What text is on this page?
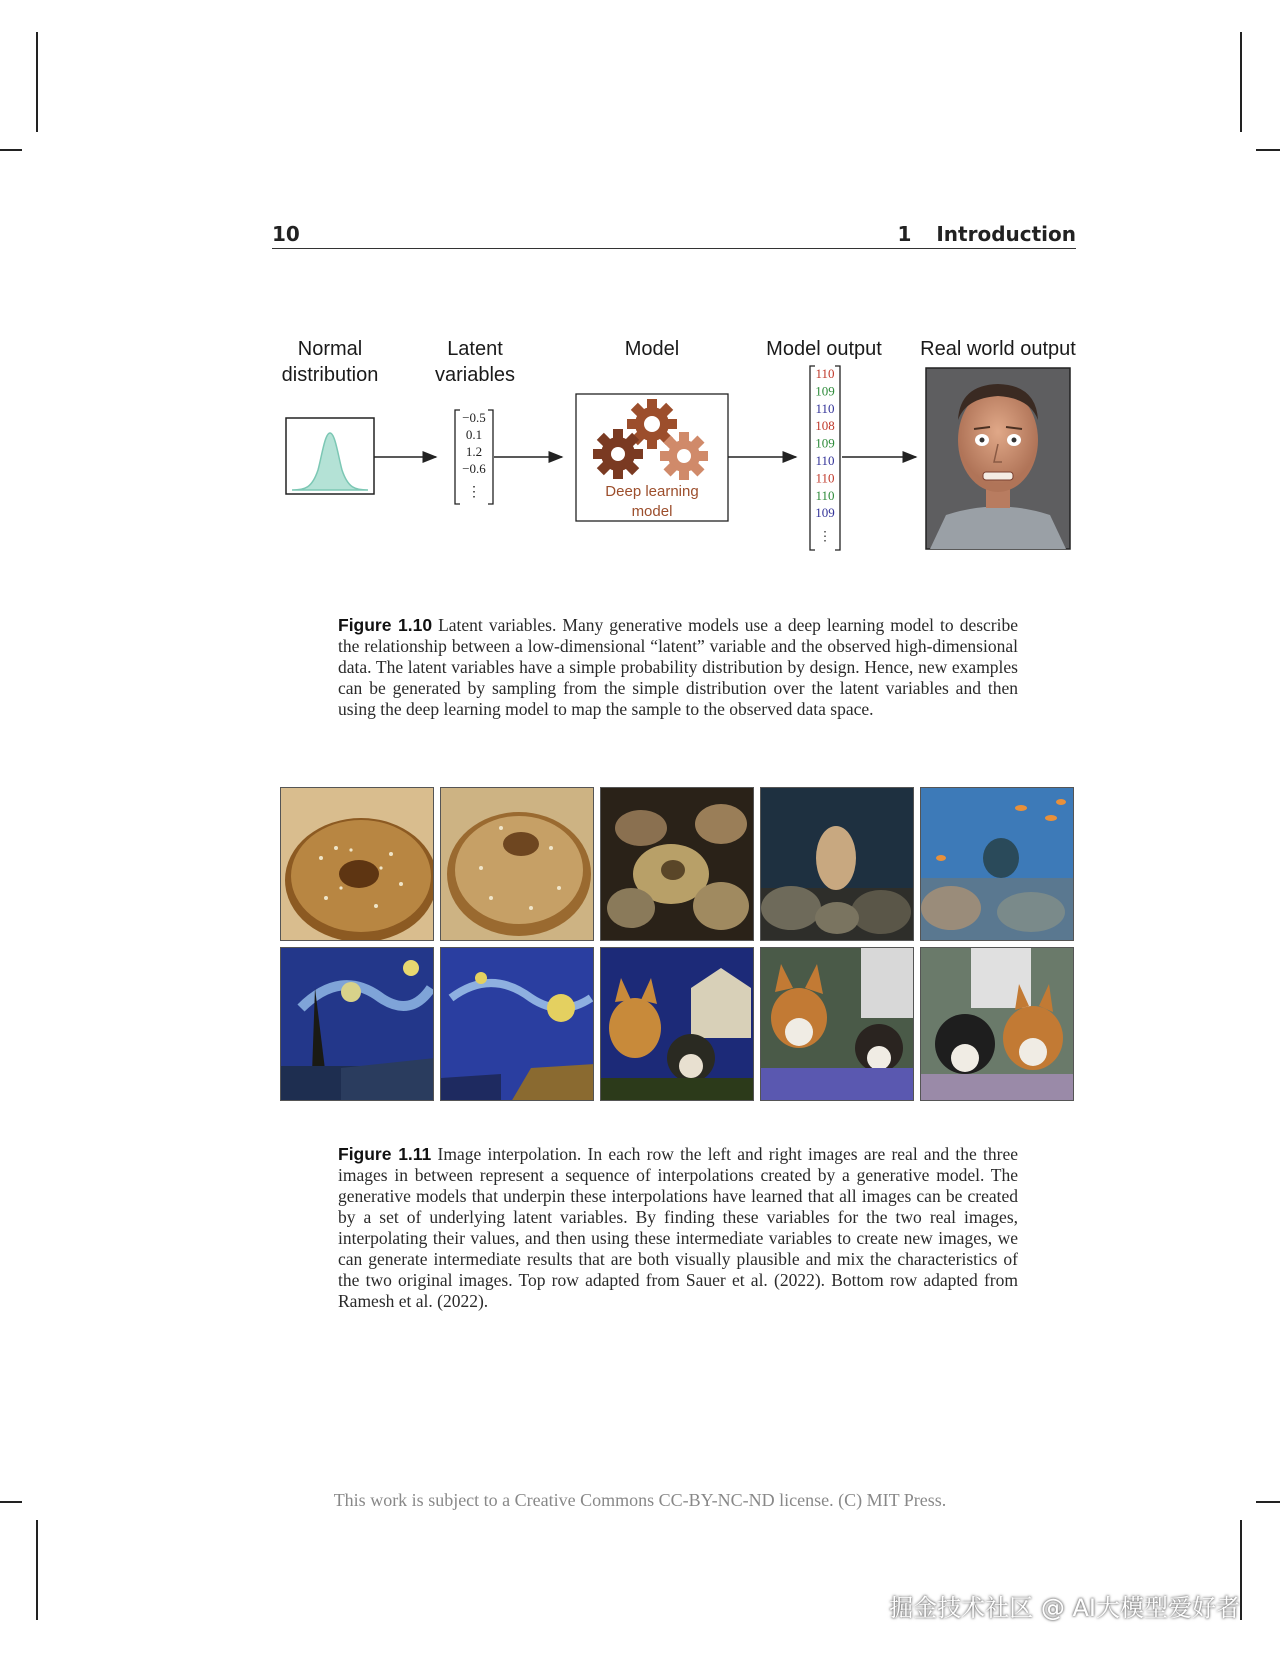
10	1 Introduction
Normal
distribution
Latent
variables
Model	Model output	Real world output
−0.5
0.1
1.2
−0.6
⋮	Deep learning
model
110
109
110
108
109
110
110
110
109
⋮
Figure 1.10 Latent variables. Many generative models use a deep learning model to describe the relationship between a low-dimensional “latent” variable and the observed high-dimensional data. The latent variables have a simple probability distribution by design. Hence, new examples can be generated by sampling from the simple distribution over the latent variables and then using the deep learning model to map the sample to the observed data space.
Figure 1.11 Image interpolation. In each row the left and right images are real and the three images in between represent a sequence of interpolations created by a generative model. The generative models that underpin these interpolations have learned that all images can be created by a set of underlying latent variables. By finding these variables for the two real images, interpolating their values, and then using these intermediate variables to create new images, we can generate intermediate results that are both visually plausible and mix the characteristics of the two original images. Top row adapted from Sauer et al. (2022). Bottom row adapted from Ramesh et al. (2022).
This work is subject to a Creative Commons CC-BY-NC-ND license. (C) MIT Press.
掘金技术社区 @ AI大模型爱好者
